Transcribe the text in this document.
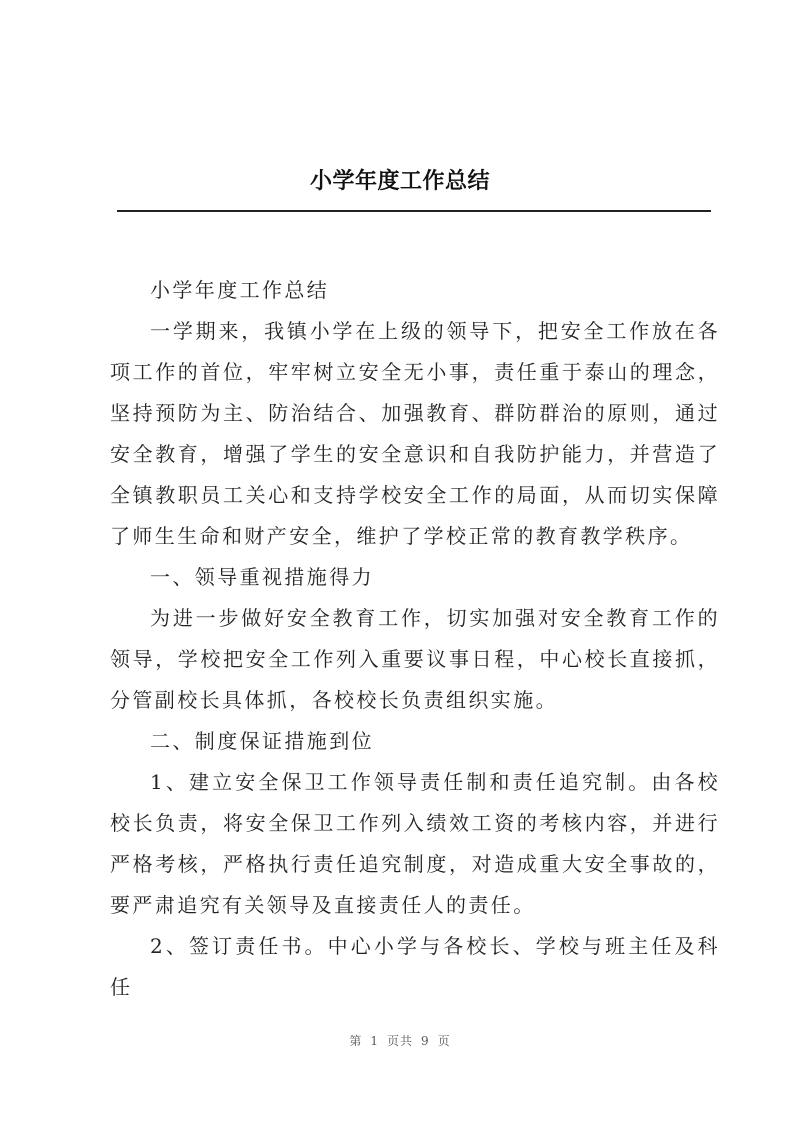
小学年度工作总结

小学年度工作总结

一学期来，我镇小学在上级的领导下，把安全工作放在各项工作的首位，牢牢树立安全无小事，责任重于泰山的理念，坚持预防为主、防治结合、加强教育、群防群治的原则，通过安全教育，增强了学生的安全意识和自我防护能力，并营造了全镇教职员工关心和支持学校安全工作的局面，从而切实保障了师生生命和财产安全，维护了学校正常的教育教学秩序。

一、领导重视措施得力

为进一步做好安全教育工作，切实加强对安全教育工作的领导，学校把安全工作列入重要议事日程，中心校长直接抓，分管副校长具体抓，各校校长负责组织实施。

二、制度保证措施到位

1、建立安全保卫工作领导责任制和责任追究制。由各校校长负责，将安全保卫工作列入绩效工资的考核内容，并进行严格考核，严格执行责任追究制度，对造成重大安全事故的，要严肃追究有关领导及直接责任人的责任。

2、签订责任书。中心小学与各校长、学校与班主任及科任

第 1 页共 9 页
